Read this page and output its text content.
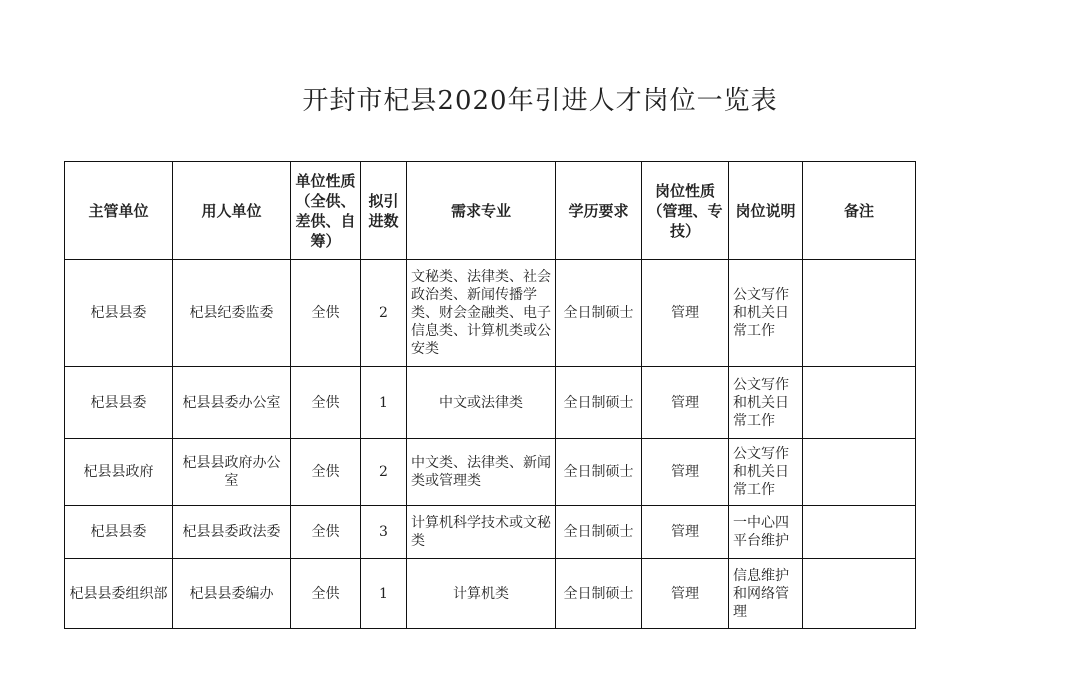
开封市杞县2020年引进人才岗位一览表
主管单位	用人单位	单位性质（全供、差供、自筹）	拟引进数	需求专业	学历要求	岗位性质（管理、专技）	岗位说明	备注
杞县县委	杞县纪委监委	全供	2	文秘类、法律类、社会政治类、新闻传播学类、财会金融类、电子信息类、计算机类或公安类	全日制硕士	管理	公文写作和机关日常工作	
杞县县委	杞县县委办公室	全供	1	中文或法律类	全日制硕士	管理	公文写作和机关日常工作	
杞县县政府	杞县县政府办公室	全供	2	中文类、法律类、新闻类或管理类	全日制硕士	管理	公文写作和机关日常工作	
杞县县委	杞县县委政法委	全供	3	计算机科学技术或文秘类	全日制硕士	管理	一中心四平台维护	
杞县县委组织部	杞县县委编办	全供	1	计算机类	全日制硕士	管理	信息维护和网络管理	
